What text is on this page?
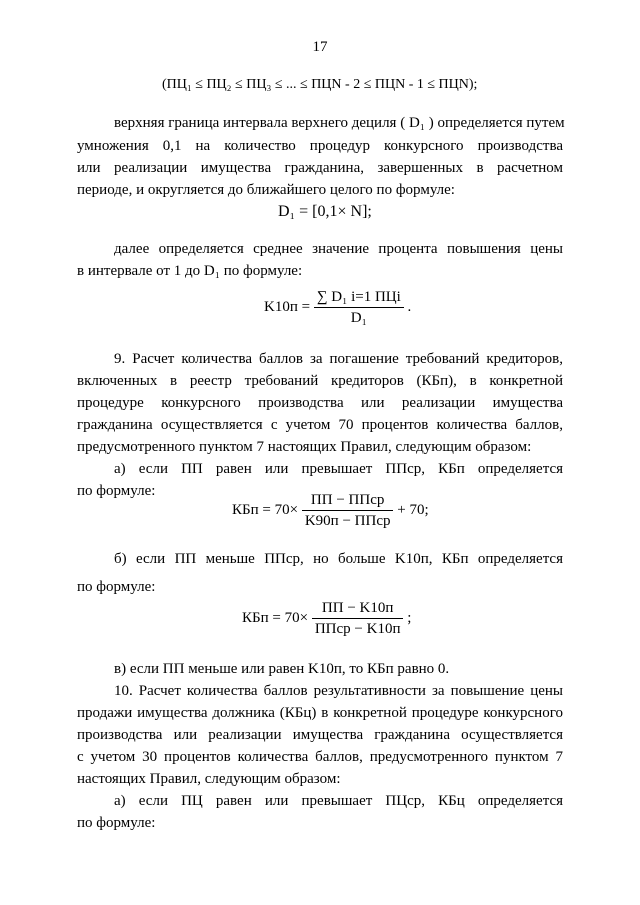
17
(ПЦ₁ ≤ ПЦ₂ ≤ ПЦ₃ ≤ ... ≤ ПЦN - 2 ≤ ПЦN - 1 ≤ ПЦN);
верхняя граница интервала верхнего дециля ( D₁ ) определяется путем
умножения 0,1 на количество процедур конкурсного производства
или реализации имущества гражданина, завершенных в расчетном
периоде, и округляется до ближайшего целого по формуле:
D₁ = [0,1× N];
далее определяется среднее значение процента повышения цены
в интервале от 1 до D₁ по формуле:
$K10п = \frac{\text{∑ D₁ i=1 ПЦi}}{\text{D₁}}$ .
9. Расчет количества баллов за погашение требований кредиторов,
включенных в реестр требований кредиторов (КБп), в конкретной
процедуре конкурсного производства или реализации имущества
гражданина осуществляется с учетом 70 процентов количества баллов,
предусмотренного пунктом 7 настоящих Правил, следующим образом:
а) если ПП равен или превышает ППср, КБп определяется
по формуле:
КБп = $70\times \frac{\text{ПП − ППср}}{\text{K90п − ППср}} + 70$;
б) если ПП меньше ППср, но больше K10п, КБп определяется
по формуле:
КБп = $70\times \frac{ПП - K10п}{\text{ППср − K10п}}$ ;
в) если ПП меньше или равен K10п, то КБп равно 0.
10. Расчет количества баллов результативности за повышение цены
продажи имущества должника (КБц) в конкретной процедуре конкурсного
производства или реализации имущества гражданина осуществляется
с учетом 30 процентов количества баллов, предусмотренного пунктом 7
настоящих Правил, следующим образом:
а) если ПЦ равен или превышает ПЦср, КБц определяется
по формуле:
